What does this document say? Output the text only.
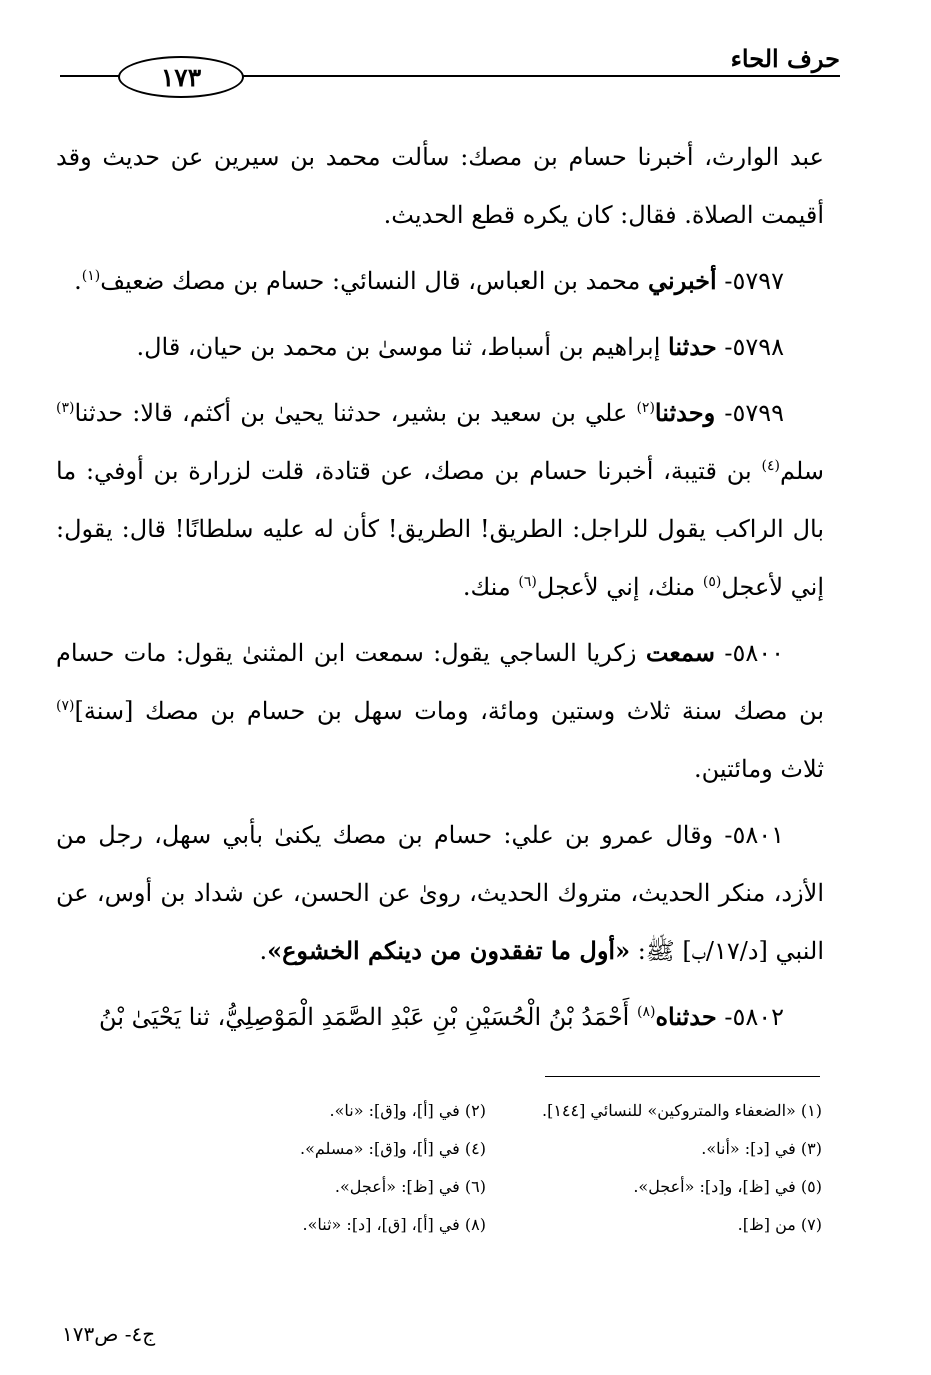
حرف الحاء
١٧٣

عبد الوارث، أخبرنا حسام بن مصك: سألت محمد بن سيرين عن حديث وقد أقيمت الصلاة. فقال: كان يكره قطع الحديث.

٥٧٩٧- أخبرني محمد بن العباس، قال النسائي: حسام بن مصك ضعيف$^{(١)}$.

٥٧٩٨- حدثنا إبراهيم بن أسباط، ثنا موسىٰ بن محمد بن حيان، قال.

٥٧٩٩- وحدثنا$^{(٢)}$ علي بن سعيد بن بشير، حدثنا يحيىٰ بن أكثم، قالا: حدثنا$^{(٣)}$ سلم$^{(٤)}$ بن قتيبة، أخبرنا حسام بن مصك، عن قتادة، قلت لزرارة بن أوفي: ما بال الراكب يقول للراجل: الطريق! الطريق! كأن له عليه سلطانًا! قال: يقول: إني لأعجل$^{(٥)}$ منك، إني لأعجل$^{(٦)}$ منك.

٥٨٠٠- سمعت زكريا الساجي يقول: سمعت ابن المثنىٰ يقول: مات حسام بن مصك سنة ثلاث وستين ومائة، ومات سهل بن حسام بن مصك [سنة]$^{(٧)}$ ثلاث ومائتين.

٥٨٠١- وقال عمرو بن علي: حسام بن مصك يكنىٰ بأبي سهل، رجل من الأزد، منكر الحديث، متروك الحديث، روىٰ عن الحسن، عن شداد بن أوس، عن النبي [د/١٧/ب] ﷺ: «أول ما تفقدون من دينكم الخشوع».

٥٨٠٢- حدثناه$^{(٨)}$ أَحْمَدُ بْنُ الْحُسَيْنِ بْنِ عَبْدِ الصَّمَدِ الْمَوْصِلِيُّ، ثنا يَحْيَىٰ بْنُ

(١) «الضعفاء والمتروكين» للنسائي [١٤٤].
(٢) في [أ]، و[ق]: «نا».
(٣) في [د]: «أنا».
(٤) في [أ]، و[ق]: «مسلم».
(٥) في [ظ]، و[د]: «أعجل».
(٦) في [ظ]: «أعجل».
(٧) من [ظ].
(٨) في [أ]، [ق]، [د]: «ثنا».
ج٤- ص١٧٣
